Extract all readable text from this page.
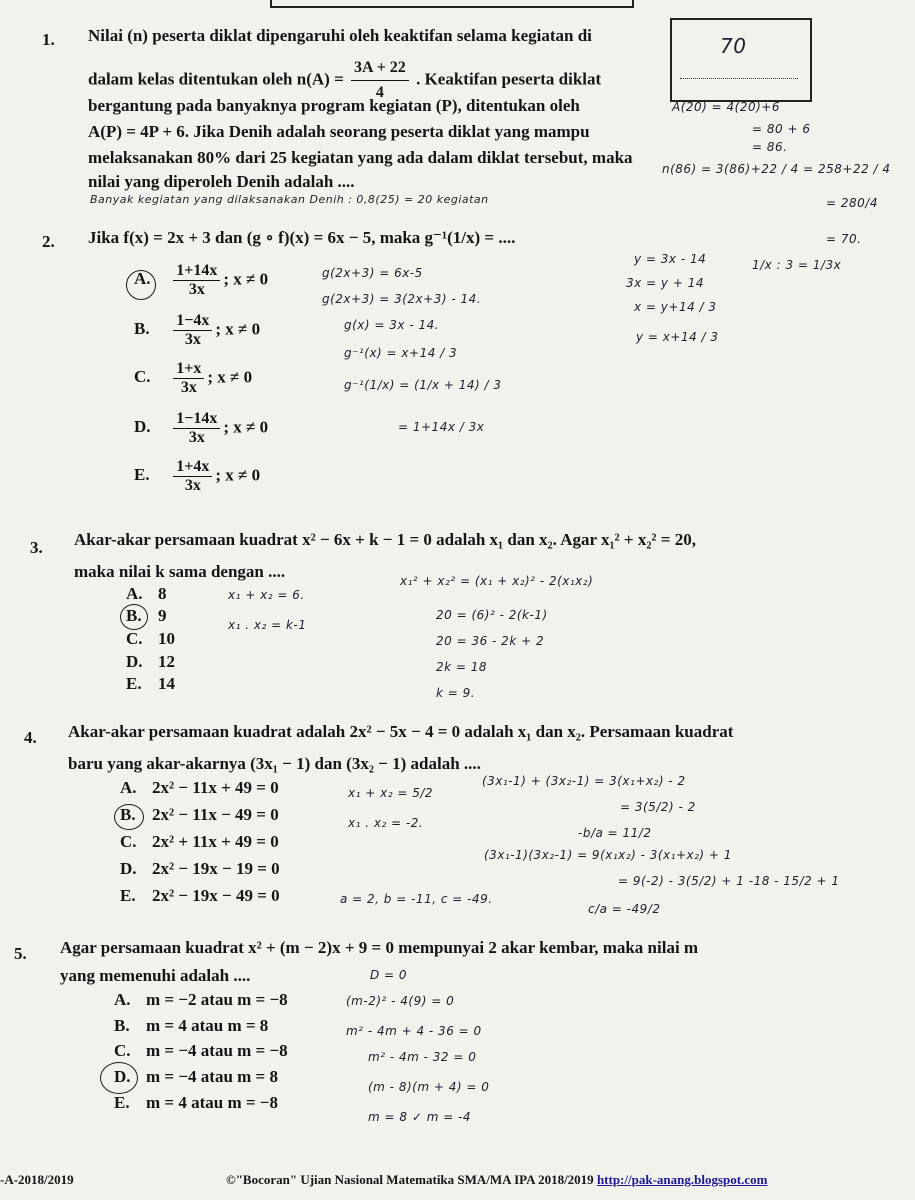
70
1. Nilai (n) peserta diklat dipengaruhi oleh keaktifan selama kegiatan di
dalam kelas ditentukan oleh $n(A) = \frac{3A + 22}{4}$ . Keaktifan peserta diklat
bergantung pada banyaknya program kegiatan (P), ditentukan oleh
A(P) = 4P + 6. Jika Denih adalah seorang peserta diklat yang mampu
melaksanakan 80% dari 25 kegiatan yang ada dalam diklat tersebut, maka
nilai yang diperoleh Denih adalah ....
Banyak kegiatan yang dilaksanakan Denih : 0,8(25) = 20 kegiatan
A(20) = 4(20)+6
= 80 + 6
= 86.
n(86) = 3(86)+22 / 4 = 258+22 / 4
= 280/4
= 70.
2. Jika f(x) = 2x + 3 dan (g ∘ f)(x) = 6x − 5, maka g⁻¹(1/x) = ....
A. $\frac{1+14x}{3x}$ ; x ≠ 0
B. $\frac{1-4x}{3x}$ ; x ≠ 0
C. $\frac{1+x}{3x}$ ; x ≠ 0
D. $\frac{1-14x}{3x}$ ; x ≠ 0
E. $\frac{1+4x}{3x}$ ; x ≠ 0
g(2x+3) = 6x-5
g(2x+3) = 3(2x+3) - 14.
g(x) = 3x - 14.
g⁻¹(x) = x+14 / 3
g⁻¹(1/x) = (1/x + 14) / 3
= 1+14x / 3x
y = 3x - 14
3x = y + 14
x = y+14 / 3
y = x+14 / 3
1/x : 3 = 1/3x
3. Akar-akar persamaan kuadrat x² − 6x + k − 1 = 0 adalah x₁ dan x₂. Agar x₁² + x₂² = 20,
maka nilai k sama dengan ....
A. 8
B. 9
C. 10
D. 12
E. 14
x₁ + x₂ = 6.
x₁ . x₂ = k-1
x₁² + x₂² = (x₁ + x₂)² - 2(x₁x₂)
20 = (6)² - 2(k-1)
20 = 36 - 2k + 2
2k = 18
k = 9.
4. Akar-akar persamaan kuadrat adalah 2x² − 5x − 4 = 0 adalah x₁ dan x₂. Persamaan kuadrat
baru yang akar-akarnya (3x₁ − 1) dan (3x₂ − 1) adalah ....
A. 2x² − 11x + 49 = 0
B. 2x² − 11x − 49 = 0
C. 2x² + 11x + 49 = 0
D. 2x² − 19x − 19 = 0
E. 2x² − 19x − 49 = 0
x₁ + x₂ = 5/2
x₁ . x₂ = -2.
a = 2, b = -11, c = -49.
(3x₁-1) + (3x₂-1) = 3(x₁+x₂) - 2
= 3(5/2) - 2
-b/a = 11/2
(3x₁-1)(3x₂-1) = 9(x₁x₂) - 3(x₁+x₂) + 1
= 9(-2) - 3(5/2) + 1 -18 - 15/2 + 1
c/a = -49/2
5. Agar persamaan kuadrat x² + (m − 2)x + 9 = 0 mempunyai 2 akar kembar, maka nilai m
yang memenuhi adalah ....
A. m = −2 atau m = −8
B. m = 4 atau m = 8
C. m = −4 atau m = −8
D. m = −4 atau m = 8
E. m = 4 atau m = −8
D = 0
(m-2)² - 4(9) = 0
m² - 4m + 4 - 36 = 0
m² - 4m - 32 = 0
(m - 8)(m + 4) = 0
m = 8 ✓ m = -4
-A-2018/2019	©"Bocoran" Ujian Nasional Matematika SMA/MA IPA 2018/2019 http://pak-anang.blogspot.com
